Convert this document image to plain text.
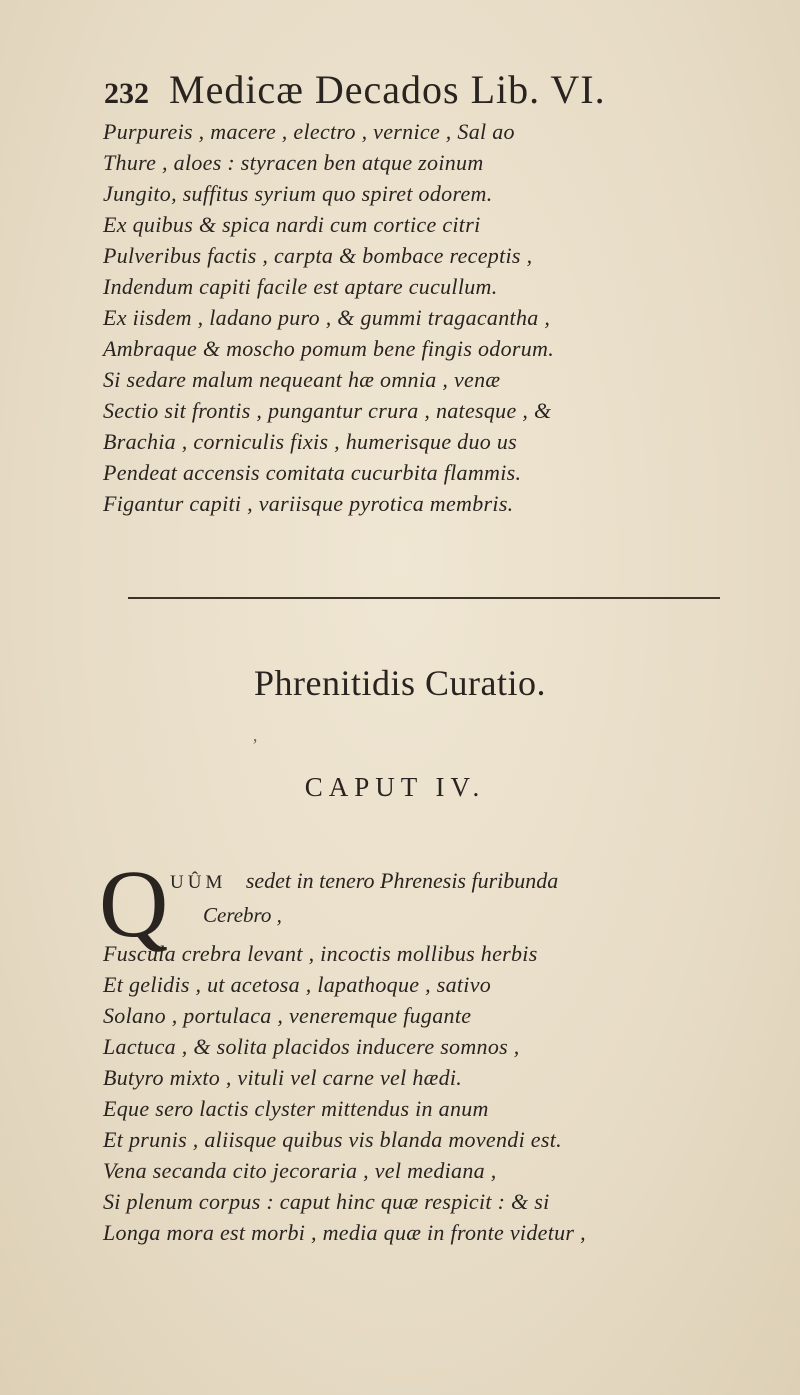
232 Medicæ Decados Lib. VI.
Purpureis , macere , electro , vernice , Sal ao
Thure , aloes : styracen ben atque zoinum
Jungito, suffitus syrium quo spiret odorem.
Ex quibus & spica nardi cum cortice citri
Pulveribus factis , carpta & bombace receptis ,
Indendum capiti facile est aptare cucullum.
Ex iisdem , ladano puro , & gummi tragacantha ,
Ambraque & moscho pomum bene fingis odorum.
Si sedare malum nequeant hæ omnia , venæ
Sectio sit frontis , pungantur crura , natesque , &
Brachia , corniculis fixis , humerisque duo us
Pendeat accensis comitata cucurbita flammis.
Figantur capiti , variisque pyrotica membris.
Phrenitidis Curatio.
CAPUT IV.
ʼ
Q UÛM sedet in tenero Phrenesis furibunda
Cerebro ,
Fuscula crebra levant , incoctis mollibus herbis
Et gelidis , ut acetosa , lapathoque , sativo
Solano , portulaca , veneremque fugante
Lactuca , & solita placidos inducere somnos ,
Butyro mixto , vituli vel carne vel hædi.
Eque sero lactis clyster mittendus in anum
Et prunis , aliisque quibus vis blanda movendi est.
Vena secanda cito jecoraria , vel mediana ,
Si plenum corpus : caput hinc quæ respicit : & si
Longa mora est morbi , media quæ in fronte videtur ,
